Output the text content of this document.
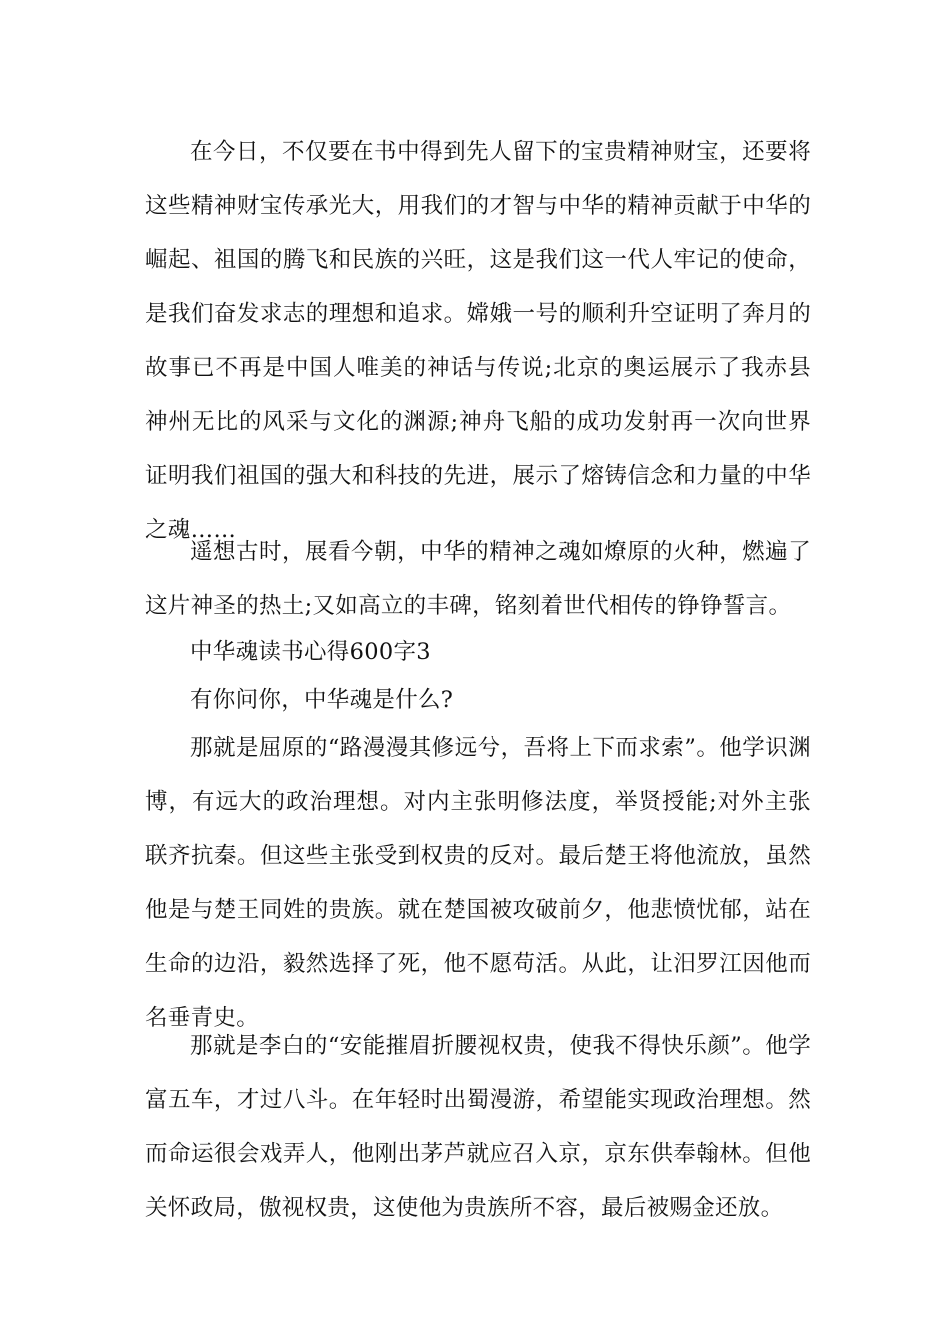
在今日，不仅要在书中得到先人留下的宝贵精神财宝，还要将这些精神财宝传承光大，用我们的才智与中华的精神贡献于中华的崛起、祖国的腾飞和民族的兴旺，这是我们这一代人牢记的使命，是我们奋发求志的理想和追求。嫦娥一号的顺利升空证明了奔月的故事已不再是中国人唯美的神话与传说;北京的奥运展示了我赤县神州无比的风采与文化的渊源;神舟飞船的成功发射再一次向世界证明我们祖国的强大和科技的先进，展示了熔铸信念和力量的中华之魂……

遥想古时，展看今朝，中华的精神之魂如燎原的火种，燃遍了这片神圣的热土;又如高立的丰碑，铭刻着世代相传的铮铮誓言。

中华魂读书心得600字3

有你问你，中华魂是什么?

那就是屈原的“路漫漫其修远兮，吾将上下而求索”。他学识渊博，有远大的政治理想。对内主张明修法度，举贤授能;对外主张联齐抗秦。但这些主张受到权贵的反对。最后楚王将他流放，虽然他是与楚王同姓的贵族。就在楚国被攻破前夕，他悲愤忧郁，站在生命的边沿，毅然选择了死，他不愿苟活。从此，让汨罗江因他而名垂青史。

那就是李白的“安能摧眉折腰视权贵，使我不得快乐颜”。他学富五车，才过八斗。在年轻时出蜀漫游，希望能实现政治理想。然而命运很会戏弄人，他刚出茅芦就应召入京，京东供奉翰林。但他关怀政局，傲视权贵，这使他为贵族所不容，最后被赐金还放。
